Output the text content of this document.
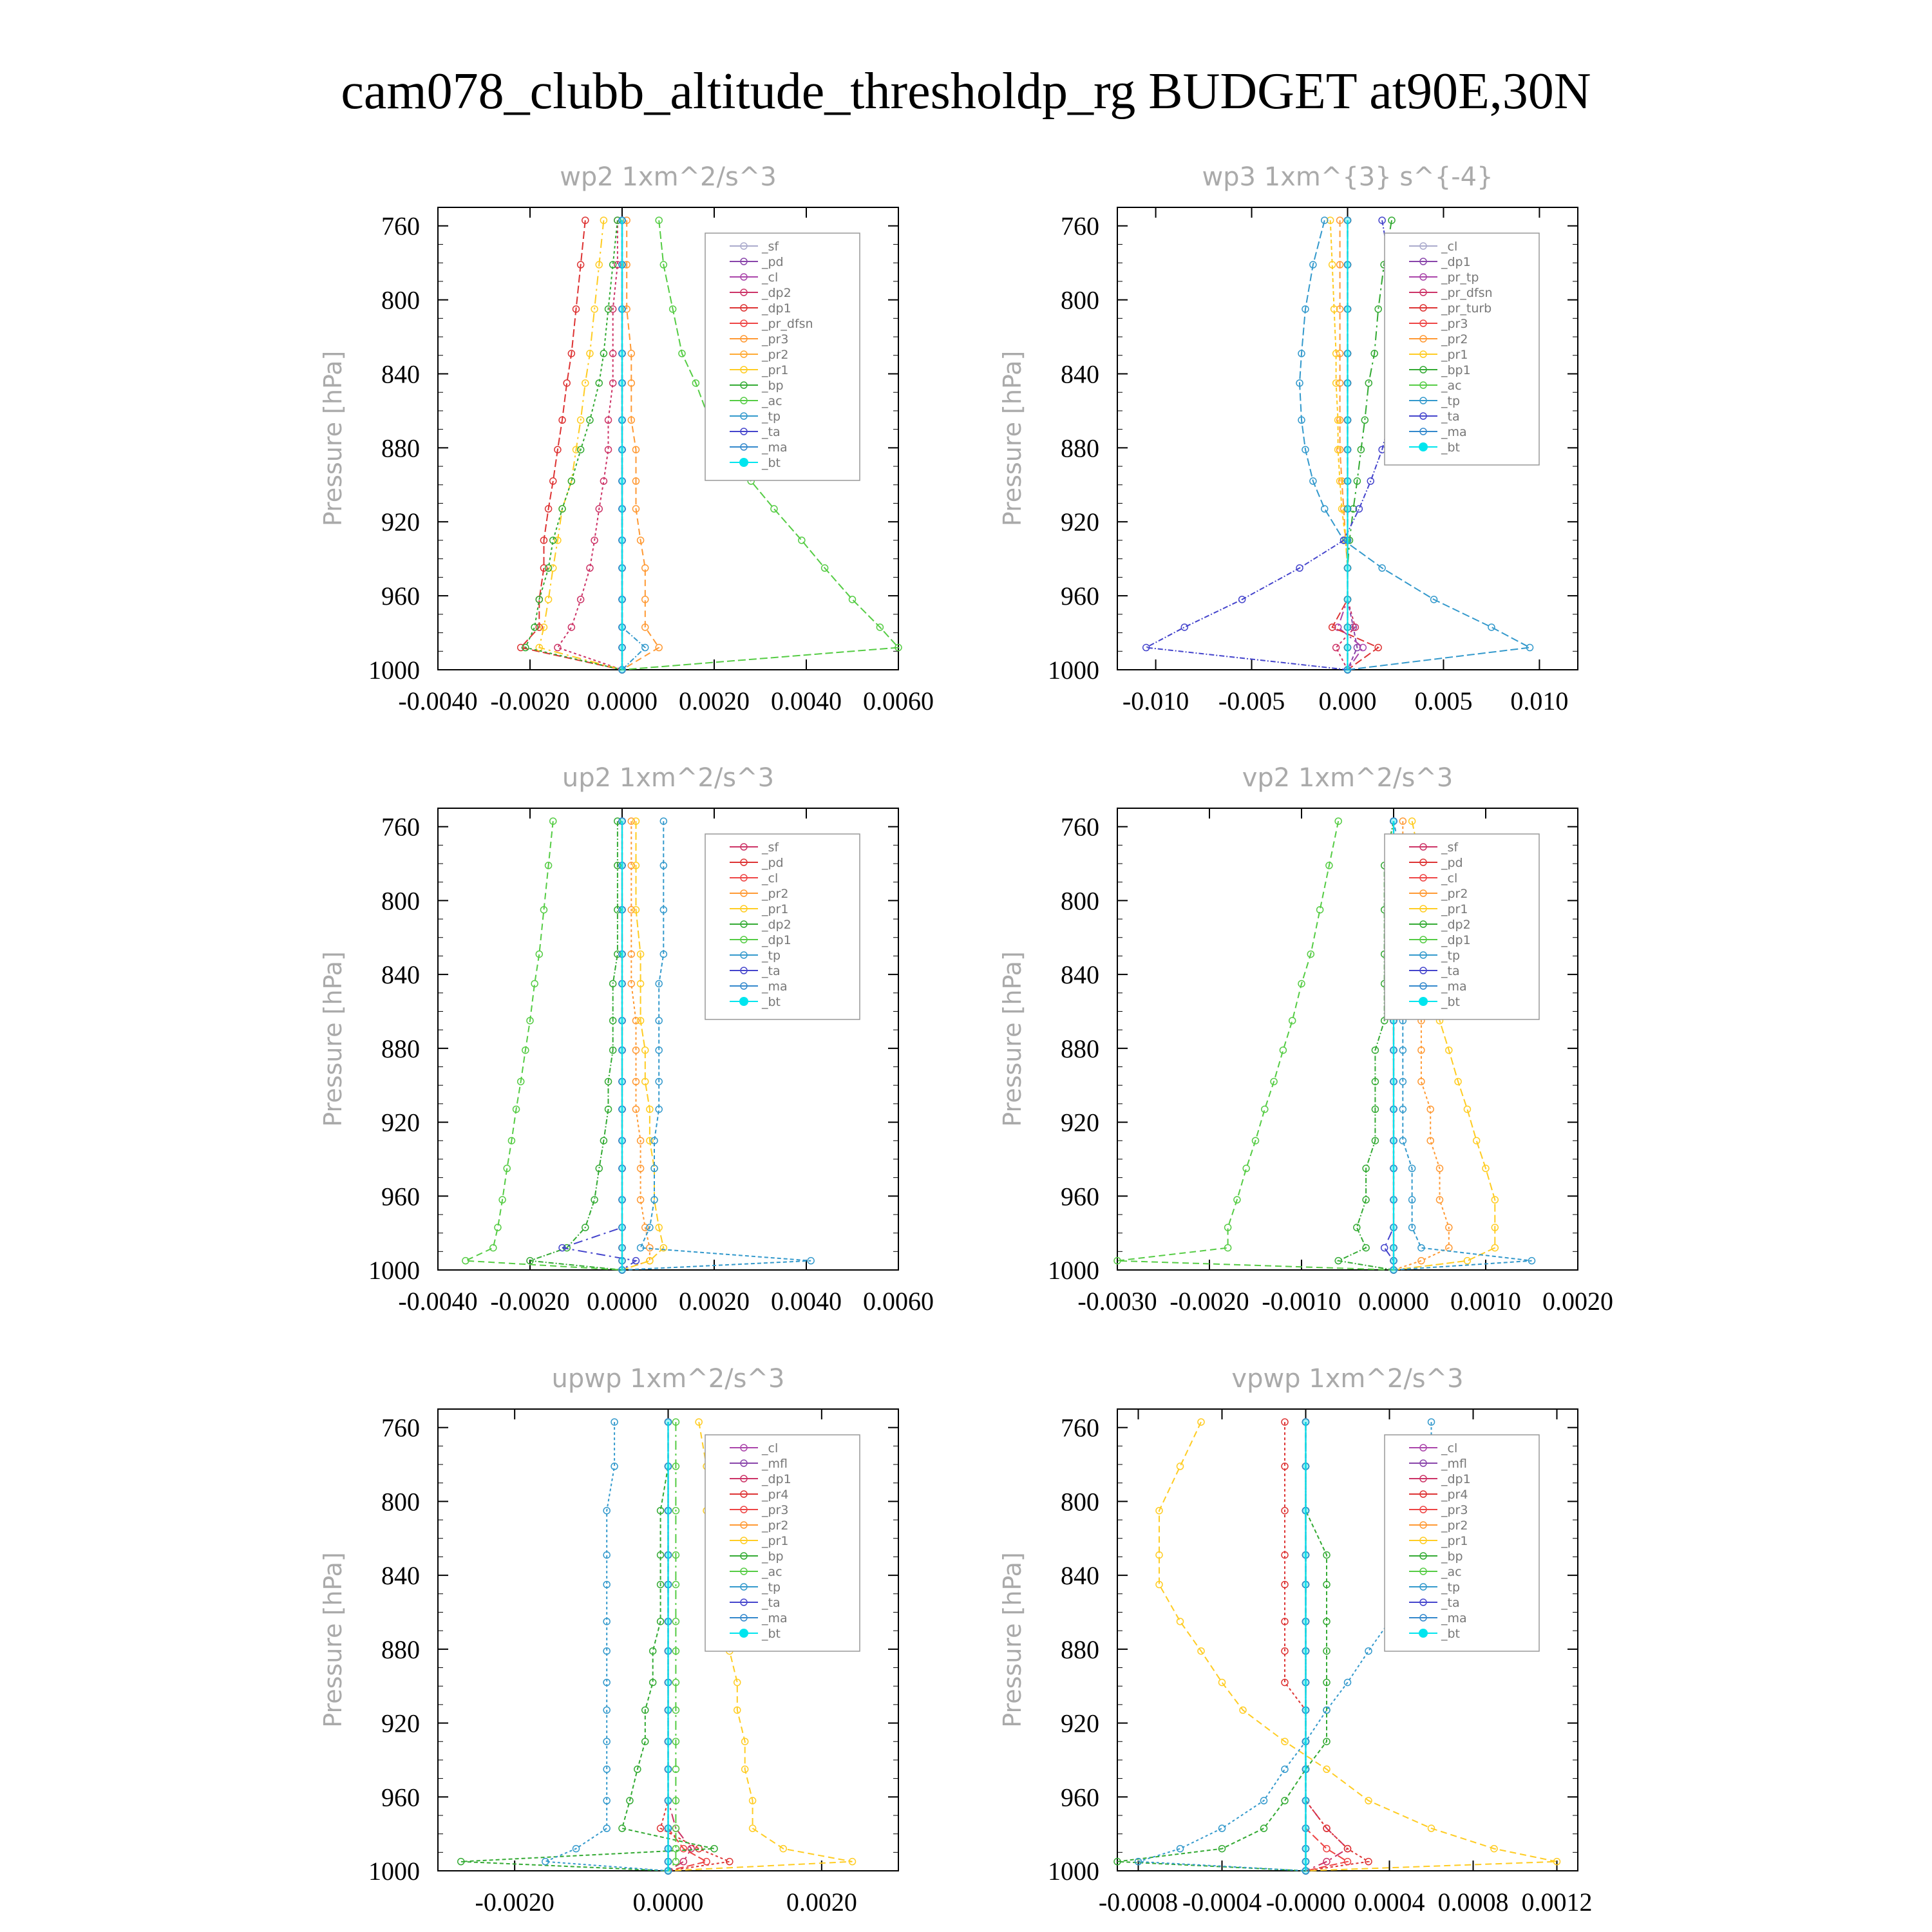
cam078_clubb_altitude_thresholdp_rg BUDGET at90E,30N
wp2 1xm^2/s^3
Pressure [hPa]
760
800
840
880
920
960
1000
-0.0040 -0.0020 0.0000 0.0020 0.0040 0.0060
_sf
_pd
_cl
_dp2
_dp1
_pr_dfsn
_pr3
_pr2
_pr1
_bp
_ac
_tp
_ta
_ma
_bt
wp3 1xm^{3} s^{-4}
Pressure [hPa]
760
800
840
880
920
960
1000
-0.010 -0.005 0.000 0.005 0.010
_cl
_dp1
_pr_tp
_pr_dfsn
_pr_turb
_pr3
_pr2
_pr1
_bp1
_ac
_tp
_ta
_ma
_bt
up2 1xm^2/s^3
Pressure [hPa]
760
800
840
880
920
960
1000
-0.0040 -0.0020 0.0000 0.0020 0.0040 0.0060
_sf
_pd
_cl
_pr2
_pr1
_dp2
_dp1
_tp
_ta
_ma
_bt
vp2 1xm^2/s^3
Pressure [hPa]
760
800
840
880
920
960
1000
-0.0030 -0.0020 -0.0010 0.0000 0.0010 0.0020
_sf
_pd
_cl
_pr2
_pr1
_dp2
_dp1
_tp
_ta
_ma
_bt
upwp 1xm^2/s^3
Pressure [hPa]
760
800
840
880
920
960
1000
-0.0020	0.0000	0.0020
_cl
_mfl
_dp1
_pr4
_pr3
_pr2
_pr1
_bp
_ac
_tp
_ta
_ma
_bt
vpwp 1xm^2/s^3
Pressure [hPa]
760
800
840
880
920
960
1000
-0.0008 -0.0004 -0.0000 0.0004 0.0008 0.0012
_cl
_mfl
_dp1
_pr4
_pr3
_pr2
_pr1
_bp
_ac
_tp
_ta
_ma
_bt
